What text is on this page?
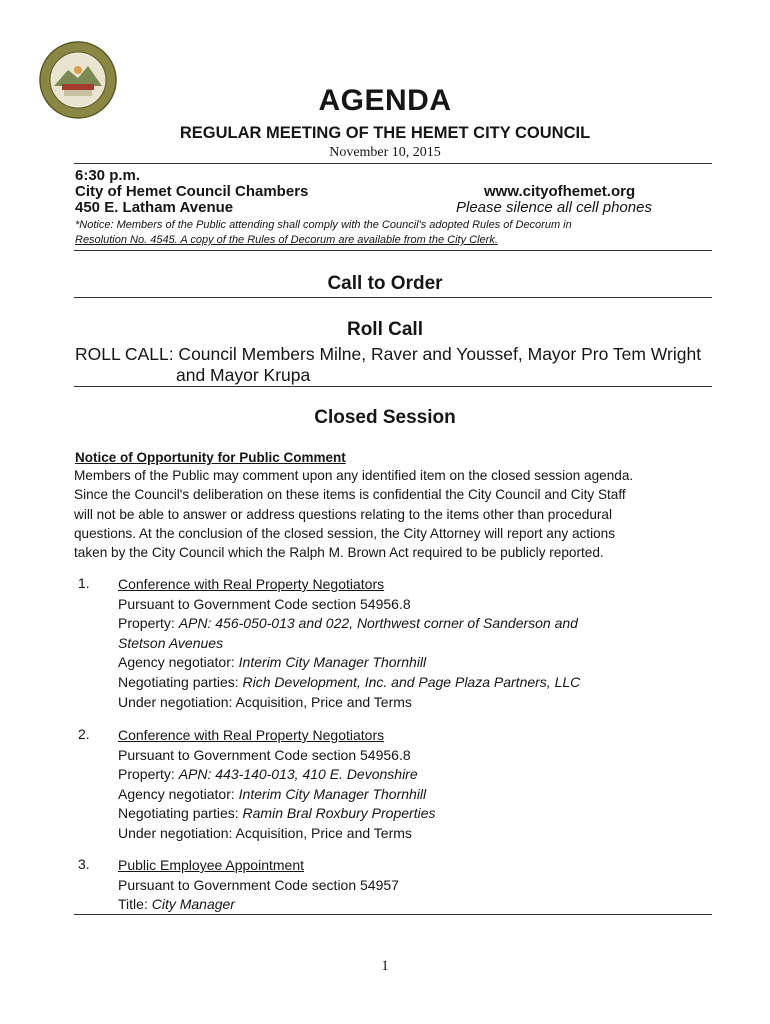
AGENDA
REGULAR MEETING OF THE HEMET CITY COUNCIL
November 10, 2015
6:30 p.m.
City of Hemet Council Chambers
450 E. Latham Avenue
www.cityofhemet.org
Please silence all cell phones
*Notice: Members of the Public attending shall comply with the Council's adopted Rules of Decorum in
Resolution No. 4545. A copy of the Rules of Decorum are available from the City Clerk.
Call to Order
Roll Call
ROLL CALL: Council Members Milne, Raver and Youssef, Mayor Pro Tem Wright
and Mayor Krupa
Closed Session
Notice of Opportunity for Public Comment
Members of the Public may comment upon any identified item on the closed session agenda.
Since the Council's deliberation on these items is confidential the City Council and City Staff
will not be able to answer or address questions relating to the items other than procedural
questions. At the conclusion of the closed session, the City Attorney will report any actions
taken by the City Council which the Ralph M. Brown Act required to be publicly reported.
1. Conference with Real Property Negotiators
Pursuant to Government Code section 54956.8
Property: APN: 456-050-013 and 022, Northwest corner of Sanderson and
Stetson Avenues
Agency negotiator: Interim City Manager Thornhill
Negotiating parties: Rich Development, Inc. and Page Plaza Partners, LLC
Under negotiation: Acquisition, Price and Terms
2. Conference with Real Property Negotiators
Pursuant to Government Code section 54956.8
Property: APN: 443-140-013, 410 E. Devonshire
Agency negotiator: Interim City Manager Thornhill
Negotiating parties: Ramin Bral Roxbury Properties
Under negotiation: Acquisition, Price and Terms
3. Public Employee Appointment
Pursuant to Government Code section 54957
Title: City Manager
1
